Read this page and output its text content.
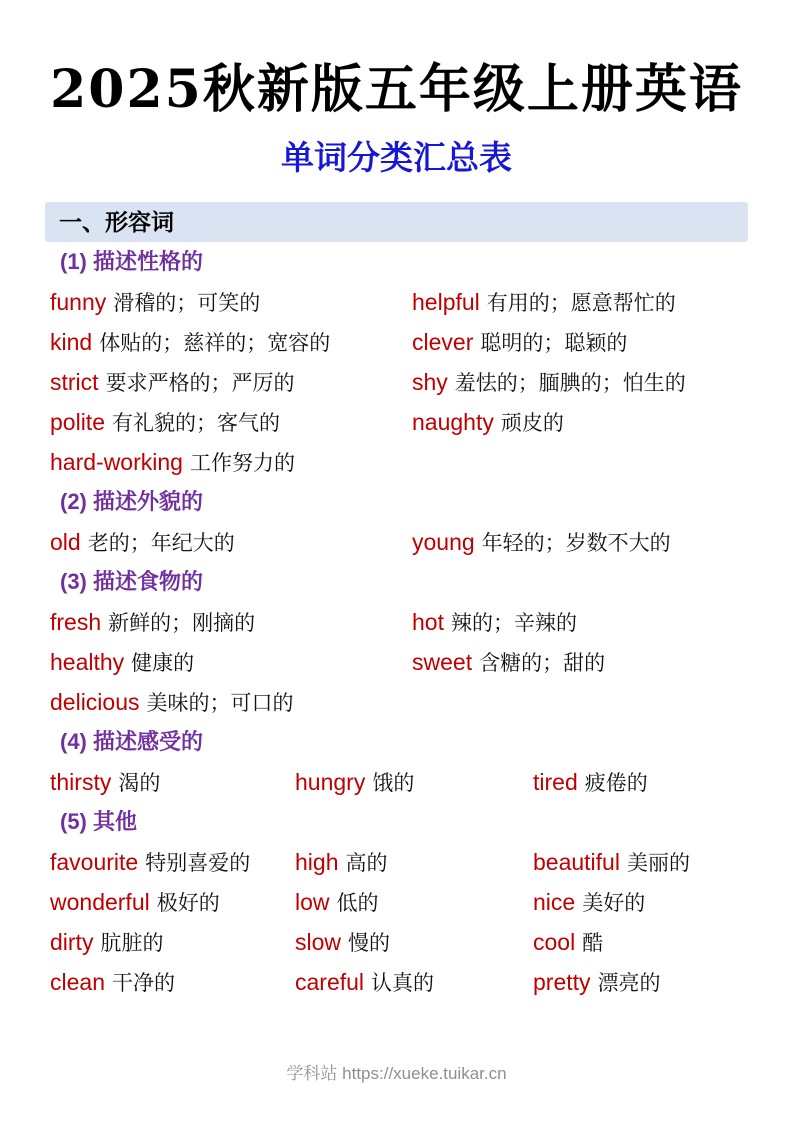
2025秋新版五年级上册英语
单词分类汇总表
一、形容词
(1) 描述性格的
funny 滑稽的；可笑的	helpful 有用的；愿意帮忙的
kind 体贴的；慈祥的；宽容的	clever 聪明的；聪颖的
strict 要求严格的；严厉的	shy 羞怯的；腼腆的；怕生的
polite 有礼貌的；客气的	naughty 顽皮的
hard-working 工作努力的
(2) 描述外貌的
old 老的；年纪大的	young 年轻的；岁数不大的
(3) 描述食物的
fresh 新鲜的；刚摘的	hot 辣的；辛辣的
healthy 健康的	sweet 含糖的；甜的
delicious 美味的；可口的
(4) 描述感受的
thirsty 渴的	hungry 饿的	tired 疲倦的
(5) 其他
favourite 特别喜爱的	high 高的	beautiful 美丽的
wonderful 极好的	low 低的	nice 美好的
dirty 肮脏的	slow 慢的	cool 酷
clean 干净的	careful 认真的	pretty 漂亮的
学科站 https://xueke.tuikar.cn
